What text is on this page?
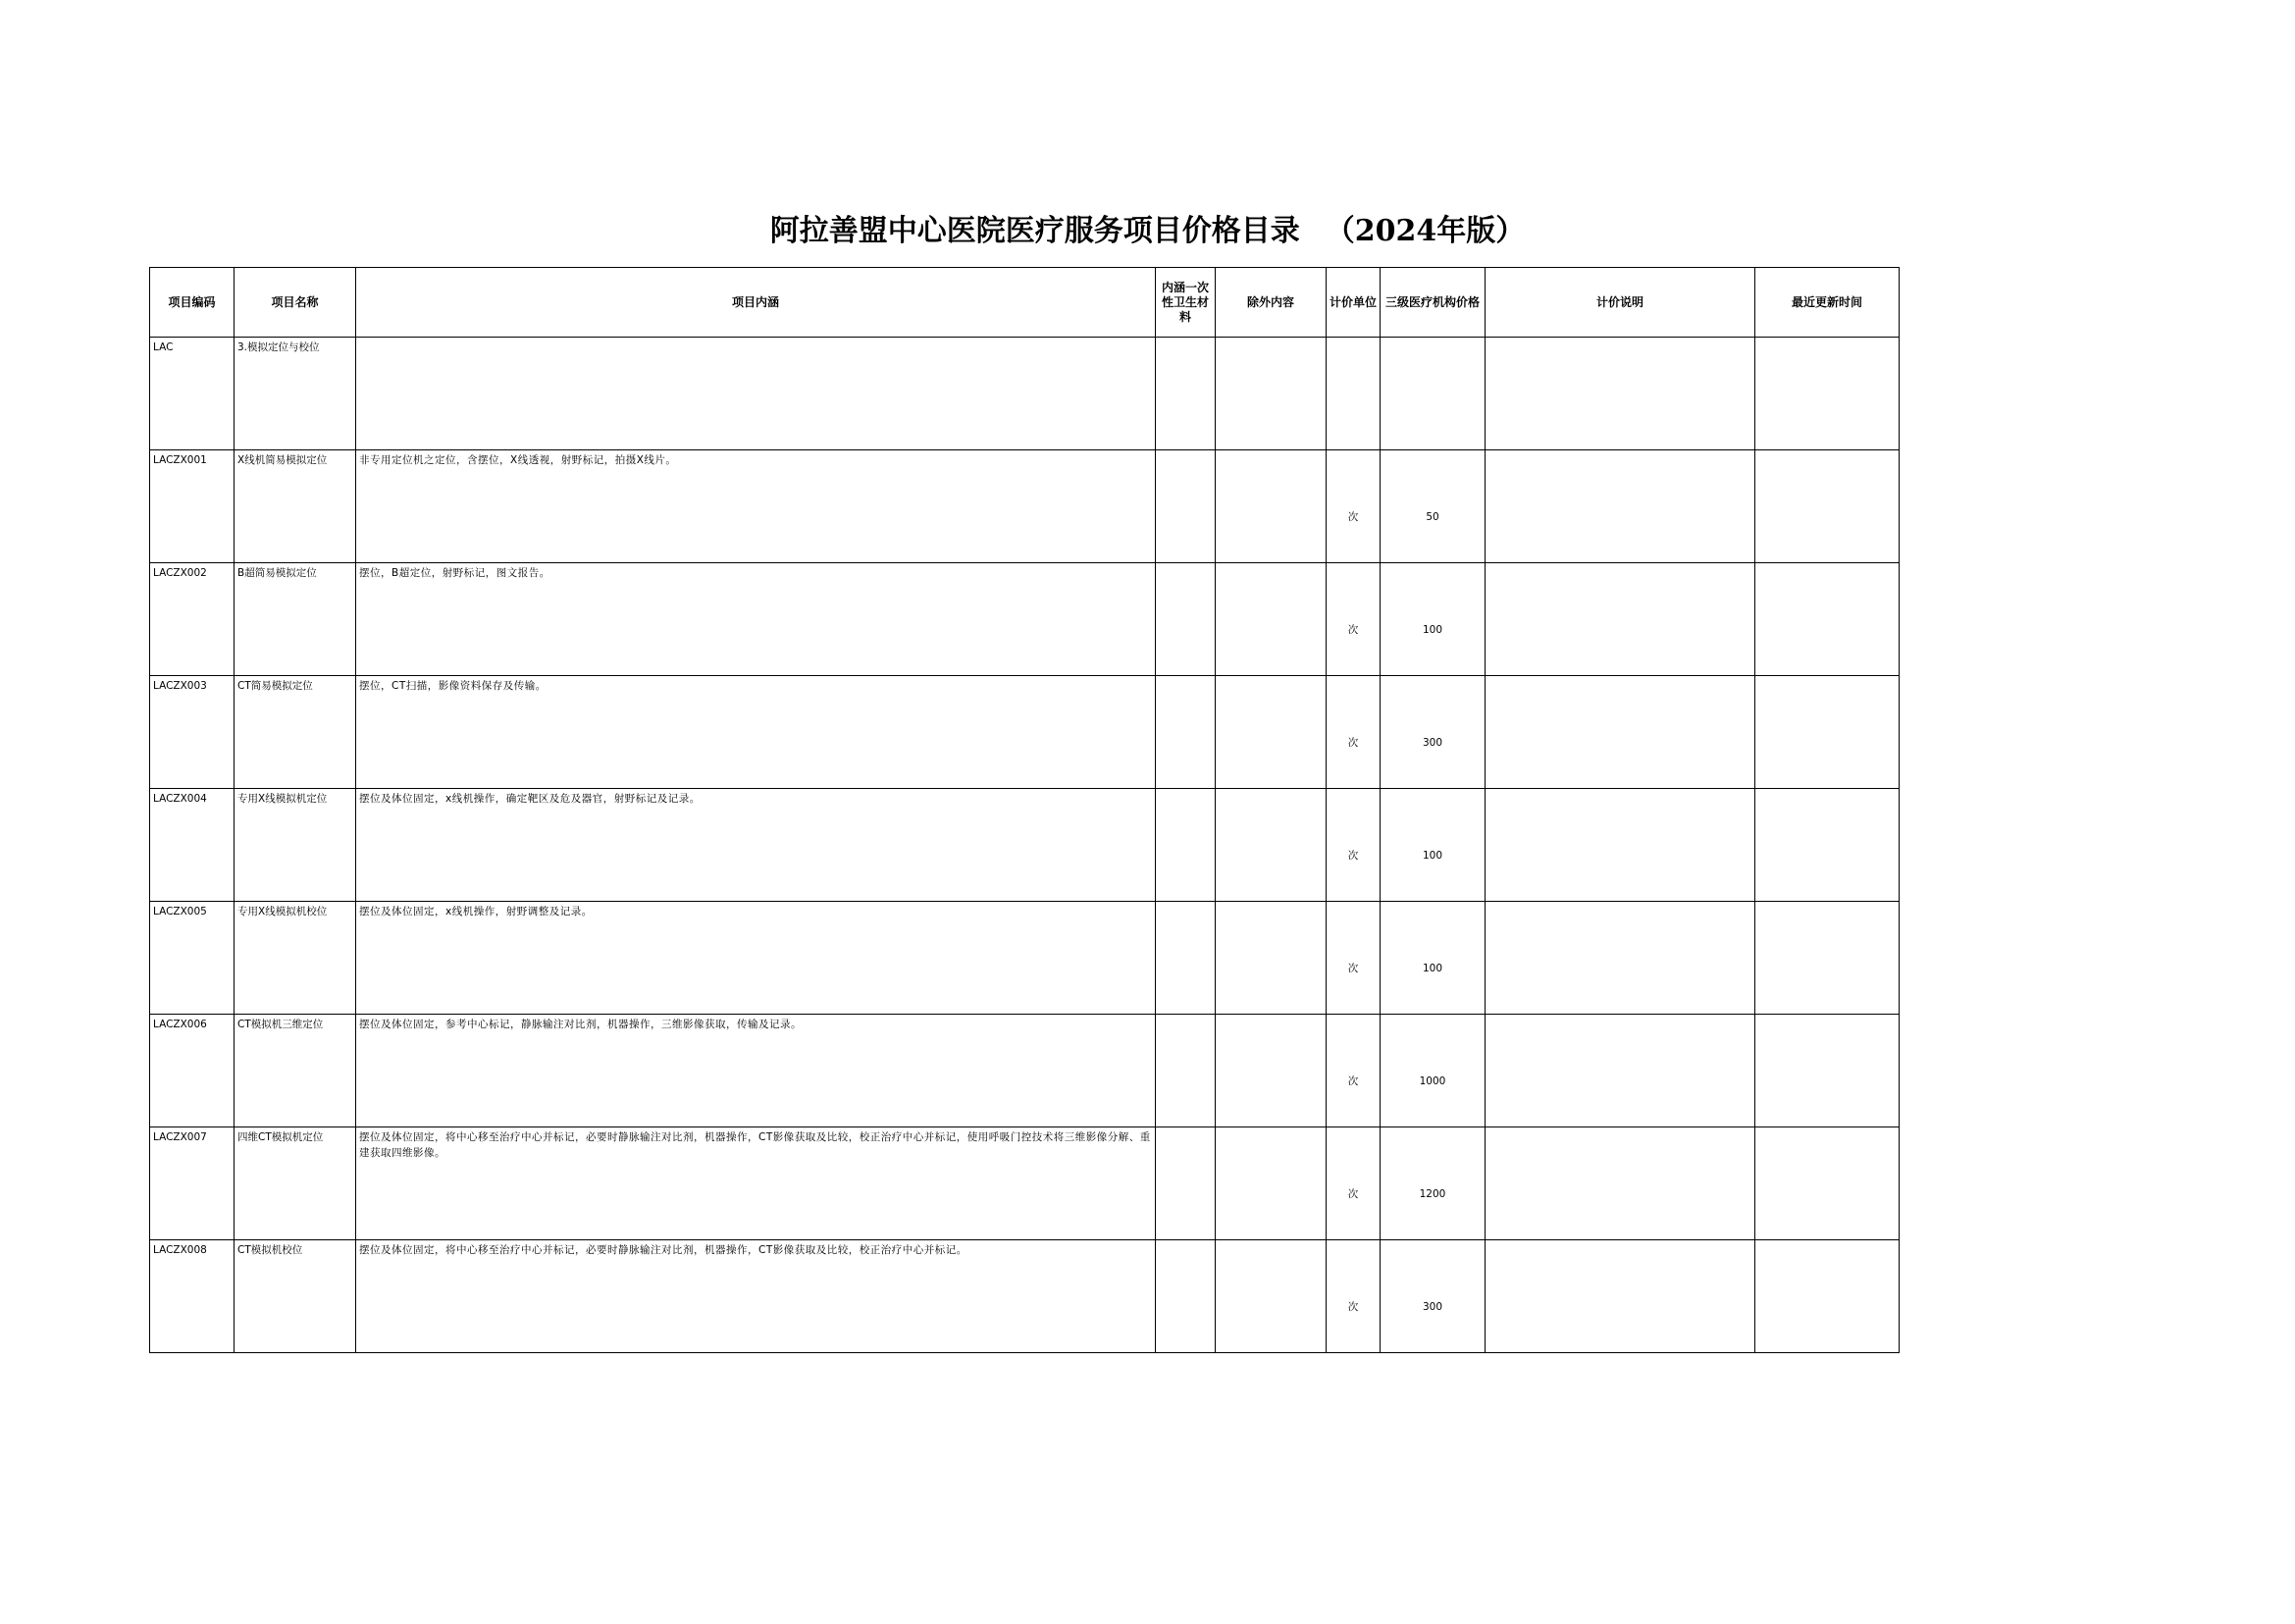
阿拉善盟中心医院医疗服务项目价格目录 （2024年版）
项目编码	项目名称	项目内涵	内涵一次性卫生材料	除外内容	计价单位	三级医疗机构价格	计价说明	最近更新时间
LAC	3.模拟定位与校位							
LACZX001	X线机简易模拟定位	非专用定位机之定位，含摆位，X线透视，射野标记，拍摄X线片。			次	50		
LACZX002	B超简易模拟定位	摆位，B超定位，射野标记，图文报告。			次	100		
LACZX003	CT简易模拟定位	摆位，CT扫描，影像资料保存及传输。			次	300		
LACZX004	专用X线模拟机定位	摆位及体位固定，x线机操作，确定靶区及危及器官，射野标记及记录。			次	100		
LACZX005	专用X线模拟机校位	摆位及体位固定，x线机操作，射野调整及记录。			次	100		
LACZX006	CT模拟机三维定位	摆位及体位固定，参考中心标记，静脉输注对比剂，机器操作，三维影像获取，传输及记录。			次	1000		
LACZX007	四维CT模拟机定位	摆位及体位固定，将中心移至治疗中心并标记，必要时静脉输注对比剂，机器操作，CT影像获取及比较，校正治疗中心并标记，使用呼吸门控技术将三维影像分解、重建获取四维影像。			次	1200		
LACZX008	CT模拟机校位	摆位及体位固定，将中心移至治疗中心并标记，必要时静脉输注对比剂，机器操作，CT影像获取及比较，校正治疗中心并标记。			次	300		
